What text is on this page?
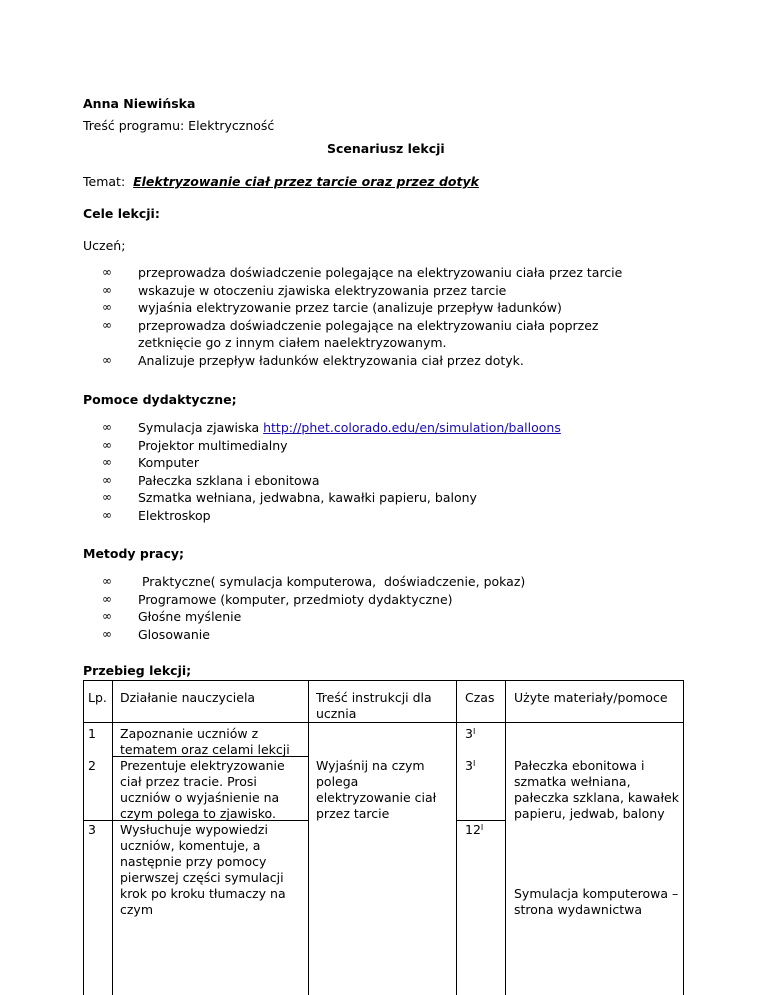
Anna Niewińska
Treść programu: Elektryczność
Scenariusz lekcji
Temat: Elektryzowanie ciał przez tarcie oraz przez dotyk
Cele lekcji:
Uczeń;
∞ przeprowadza doświadczenie polegające na elektryzowaniu ciała przez tarcie
∞ wskazuje w otoczeniu zjawiska elektryzowania przez tarcie
∞ wyjaśnia elektryzowanie przez tarcie (analizuje przepływ ładunków)
∞ przeprowadza doświadczenie polegające na elektryzowaniu ciała poprzez zetknięcie go z innym ciałem naelektryzowanym.
∞ Analizuje przepływ ładunków elektryzowania ciał przez dotyk.
Pomoce dydaktyczne;
∞ Symulacja zjawiska http://phet.colorado.edu/en/simulation/balloons
∞ Projektor multimedialny
∞ Komputer
∞ Pałeczka szklana i ebonitowa
∞ Szmatka wełniana, jedwabna, kawałki papieru, balony
∞ Elektroskop
Metody pracy;
∞  Praktyczne( symulacja komputerowa,  doświadczenie, pokaz)
∞ Programowe (komputer, przedmioty dydaktyczne)
∞ Głośne myślenie
∞ Glosowanie
Przebieg lekcji;
Lp. Działanie nauczyciela	Treść instrukcji dla ucznia
Czas Użyte materiały/pomoce
1 Zapoznanie uczniów z tematem oraz celami lekcji
$3^I$
2 Prezentuje elektryzowanie ciał przez tracie. Prosi uczniów o wyjaśnienie na czym polega to zjawisko.
Wyjaśnij na czym polega elektryzowanie ciał przez tarcie
$3^I$	Pałeczka ebonitowa i szmatka wełniana, pałeczka szklana, kawałek papieru, jedwab, balony
3 Wysłuchuje wypowiedzi uczniów, komentuje, a następnie przy pomocy pierwszej części symulacji krok po kroku tłumaczy na czym
$12^I$
Symulacja komputerowa – strona wydawnictwa
